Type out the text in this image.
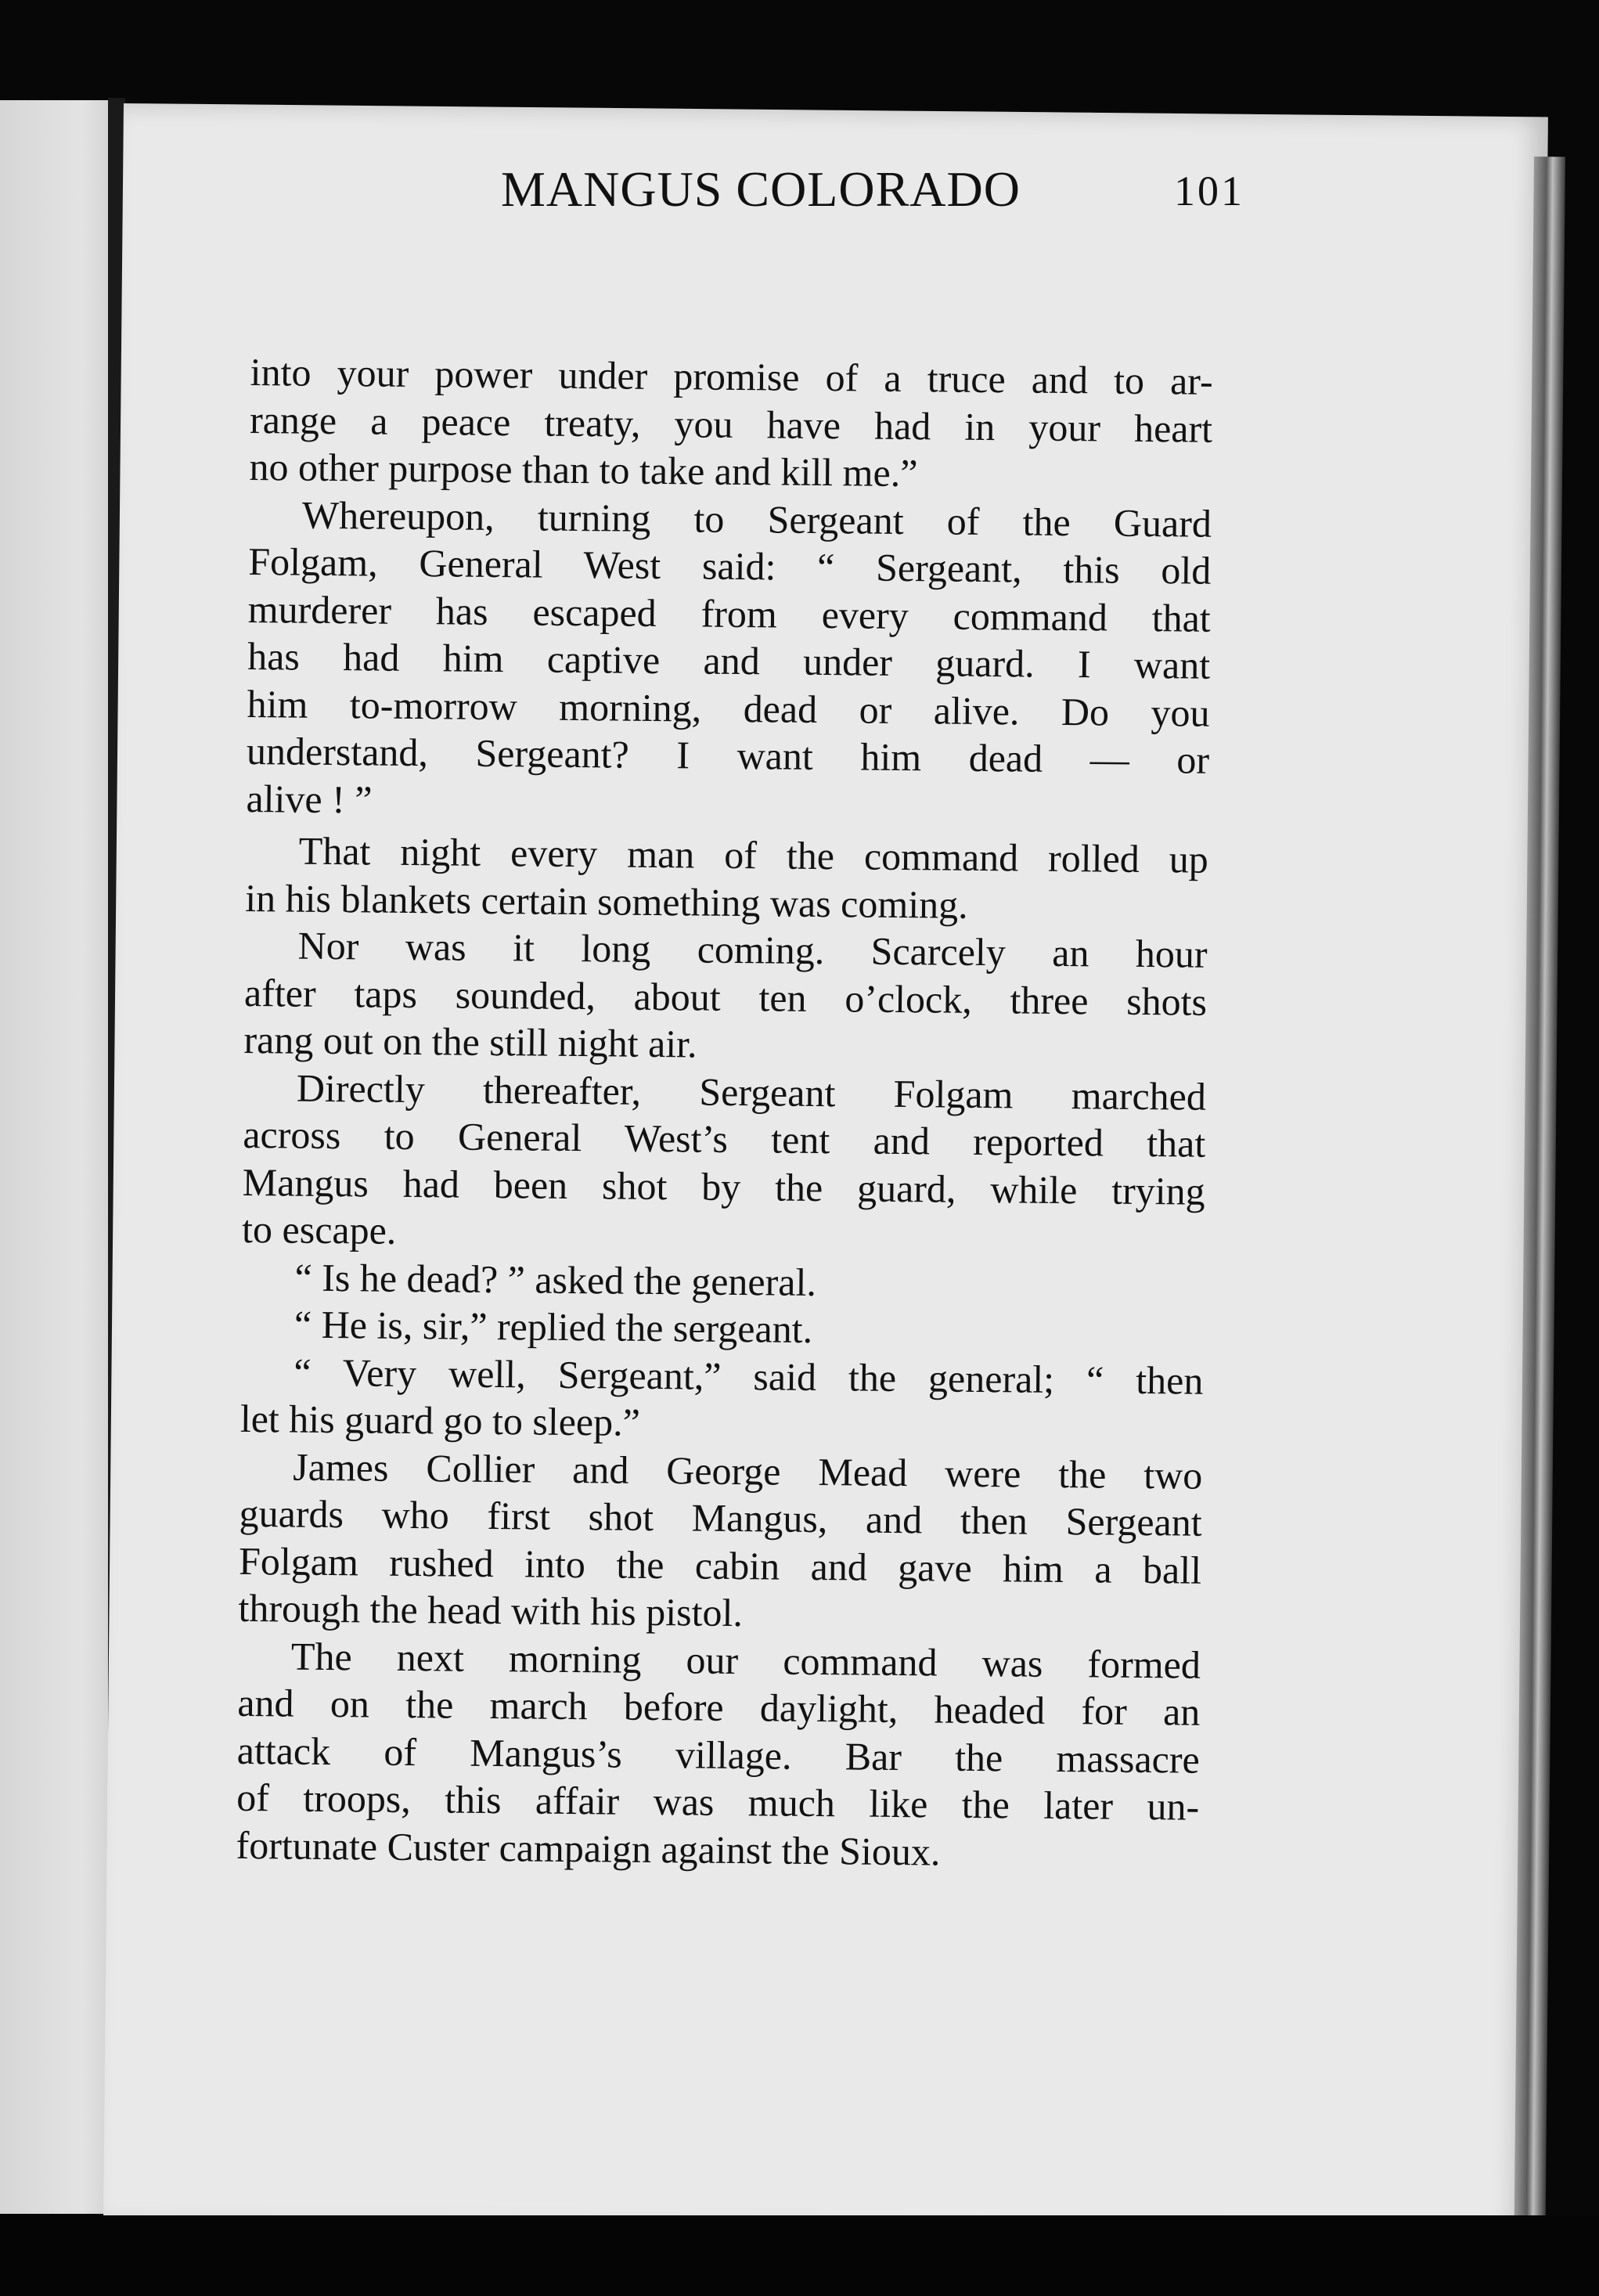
MANGUS COLORADO	101
into your power under promise of a truce and to ar-
range a peace treaty, you have had in your heart
no other purpose than to take and kill me.”
Whereupon, turning to Sergeant of the Guard
Folgam, General West said: “ Sergeant, this old
murderer has escaped from every command that
has had him captive and under guard. I want
him to-morrow morning, dead or alive. Do you
understand, Sergeant? I want him dead — or
alive ! ”
That night every man of the command rolled up
in his blankets certain something was coming.
Nor was it long coming. Scarcely an hour
after taps sounded, about ten o’clock, three shots
rang out on the still night air.
Directly thereafter, Sergeant Folgam marched
across to General West’s tent and reported that
Mangus had been shot by the guard, while trying
to escape.
“ Is he dead? ” asked the general.
“ He is, sir,” replied the sergeant.
“ Very well, Sergeant,” said the general; “ then
let his guard go to sleep.”
James Collier and George Mead were the two
guards who first shot Mangus, and then Sergeant
Folgam rushed into the cabin and gave him a ball
through the head with his pistol.
The next morning our command was formed
and on the march before daylight, headed for an
attack of Mangus’s village. Bar the massacre
of troops, this affair was much like the later un-
fortunate Custer campaign against the Sioux.
